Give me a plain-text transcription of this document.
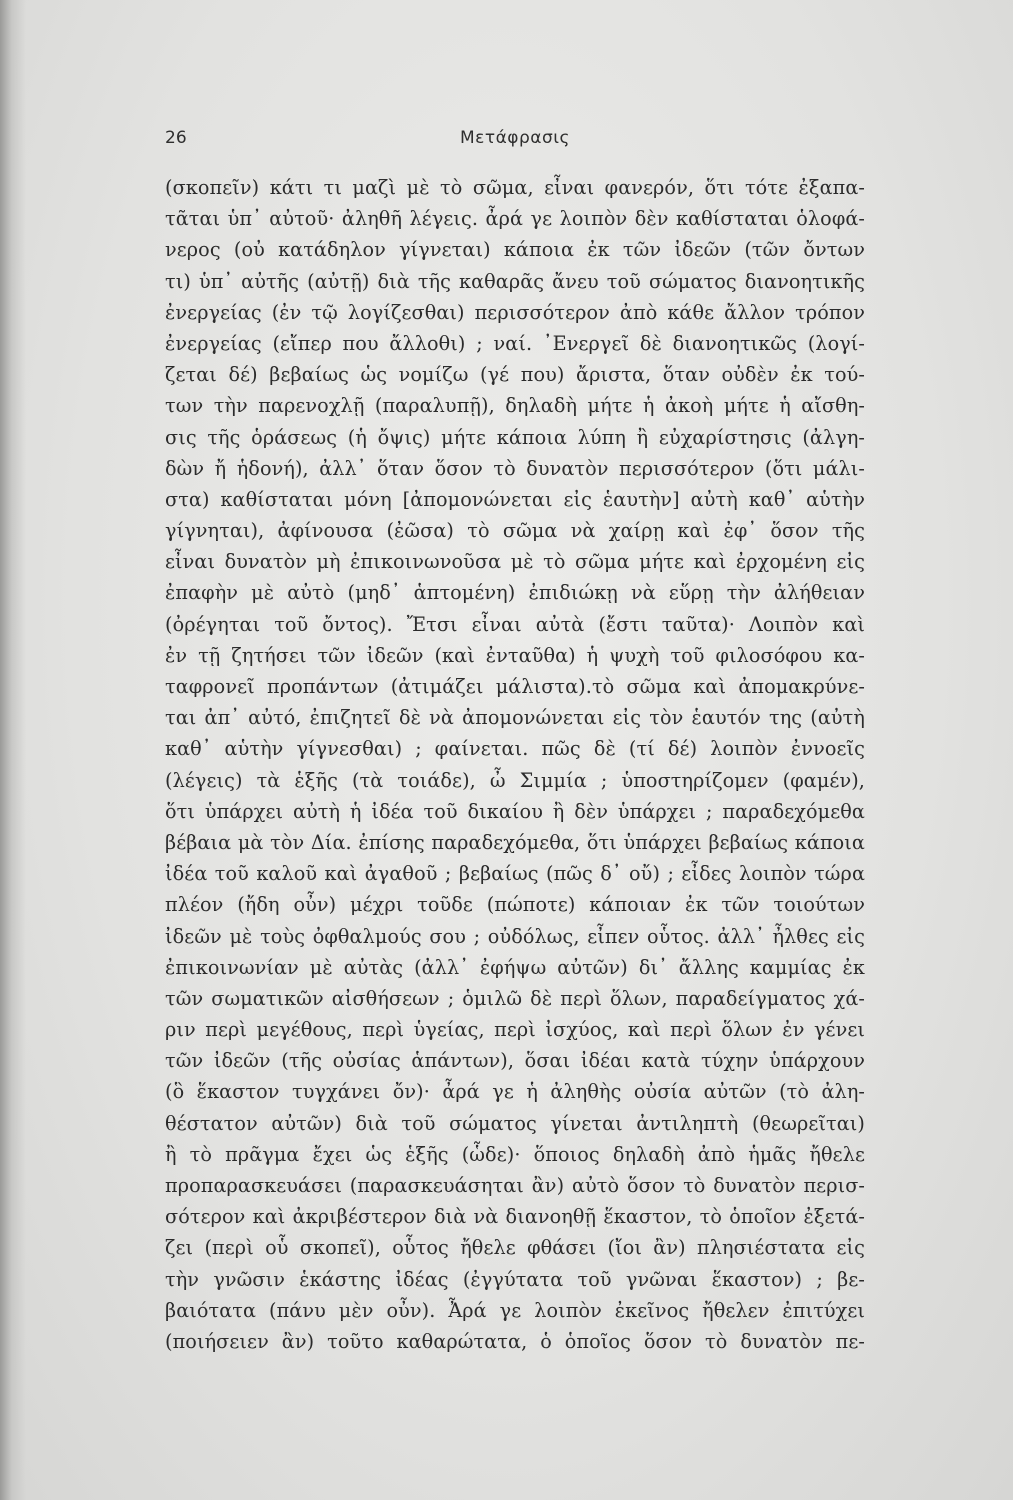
26	Μετάφρασις
(σκοπεῖν) κάτι τι μαζὶ μὲ τὸ σῶμα, εἶναι φανερόν, ὅτι τότε ἐξαπα-
τᾶται ὑπ᾽ αὐτοῦ· ἀληθῆ λέγεις. ἆρά γε λοιπὸν δὲν καθίσταται ὁλοφά-
νερος (οὐ κατάδηλον γίγνεται) κάποια ἐκ τῶν ἰδεῶν (τῶν ὄντων
τι) ὑπ᾽ αὐτῆς (αὐτῇ) διὰ τῆς καθαρᾶς ἄνευ τοῦ σώματος διανοητικῆς
ἐνεργείας (ἐν τῷ λογίζεσθαι) περισσότερον ἀπὸ κάθε ἄλλον τρόπον
ἐνεργείας (εἴπερ που ἄλλοθι) ; ναί. ᾿Ενεργεῖ δὲ διανοητικῶς (λογί-
ζεται δέ) βεβαίως ὡς νομίζω (γέ που) ἄριστα, ὅταν οὐδὲν ἐκ τού-
των τὴν παρενοχλῇ (παραλυπῇ), δηλαδὴ μήτε ἡ ἀκοὴ μήτε ἡ αἴσθη-
σις τῆς ὁράσεως (ἡ ὄψις) μήτε κάποια λύπη ἢ εὐχαρίστησις (ἀλγη-
δὼν ἤ ἡδονή), ἀλλ᾽ ὅταν ὅσον τὸ δυνατὸν περισσότερον (ὅτι μάλι-
στα) καθίσταται μόνη [ἀπομονώνεται εἰς ἑαυτὴν] αὐτὴ καθ᾽ αὑτὴν
γίγνηται), ἀφίνουσα (ἐῶσα) τὸ σῶμα νὰ χαίρῃ καὶ ἐφ᾽ ὅσον τῆς
εἶναι δυνατὸν μὴ ἐπικοινωνοῦσα μὲ τὸ σῶμα μήτε καὶ ἐρχομένη εἰς
ἐπαφὴν μὲ αὐτὸ (μηδ᾽ ἁπτομένη) ἐπιδιώκῃ νὰ εὕρῃ τὴν ἀλήθειαν
(ὀρέγηται τοῦ ὄντος). Ἔτσι εἶναι αὐτὰ (ἔστι ταῦτα)· Λοιπὸν καὶ
ἐν τῇ ζητήσει τῶν ἰδεῶν (καὶ ἐνταῦθα) ἡ ψυχὴ τοῦ φιλοσόφου κα-
ταφρονεῖ προπάντων (ἀτιμάζει μάλιστα).τὸ σῶμα καὶ ἀπομακρύνε-
ται ἀπ᾽ αὐτό, ἐπιζητεῖ δὲ νὰ ἀπομονώνεται εἰς τὸν ἑαυτόν της (αὐτὴ
καθ᾽ αὑτὴν γίγνεσθαι) ; φαίνεται. πῶς δὲ (τί δέ) λοιπὸν ἐννοεῖς
(λέγεις) τὰ ἑξῆς (τὰ τοιάδε), ὦ Σιμμία ; ὑποστηρίζομεν (φαμέν),
ὅτι ὑπάρχει αὐτὴ ἡ ἰδέα τοῦ δικαίου ἢ δὲν ὑπάρχει ; παραδεχόμεθα
βέβαια μὰ τὸν Δία. ἐπίσης παραδεχόμεθα, ὅτι ὑπάρχει βεβαίως κάποια
ἰδέα τοῦ καλοῦ καὶ ἀγαθοῦ ; βεβαίως (πῶς δ᾽ οὔ) ; εἶδες λοιπὸν τώρα
πλέον (ἤδη οὖν) μέχρι τοῦδε (πώποτε) κάποιαν ἐκ τῶν τοιούτων
ἰδεῶν μὲ τοὺς ὀφθαλμούς σου ; οὐδόλως, εἶπεν οὗτος. ἀλλ᾽ ἦλθες εἰς
ἐπικοινωνίαν μὲ αὐτὰς (ἀλλ᾽ ἐφήψω αὐτῶν) δι᾽ ἄλλης καμμίας ἐκ
τῶν σωματικῶν αἰσθήσεων ; ὁμιλῶ δὲ περὶ ὅλων, παραδείγματος χά-
ριν περὶ μεγέθους, περὶ ὑγείας, περὶ ἰσχύος, καὶ περὶ ὅλων ἐν γένει
τῶν ἰδεῶν (τῆς οὐσίας ἁπάντων), ὅσαι ἰδέαι κατὰ τύχην ὑπάρχουν
(ὃ ἕκαστον τυγχάνει ὄν)· ἆρά γε ἡ ἀληθὴς οὐσία αὐτῶν (τὸ ἀλη-
θέστατον αὐτῶν) διὰ τοῦ σώματος γίνεται ἀντιληπτὴ (θεωρεῖται)
ἢ τὸ πρᾶγμα ἔχει ὡς ἑξῆς (ὧδε)· ὅποιος δηλαδὴ ἀπὸ ἡμᾶς ἤθελε
προπαρασκευάσει (παρασκευάσηται ἂν) αὐτὸ ὅσον τὸ δυνατὸν περισ-
σότερον καὶ ἀκριβέστερον διὰ νὰ διανοηθῇ ἕκαστον, τὸ ὁποῖον ἐξετά-
ζει (περὶ οὗ σκοπεῖ), οὗτος ἤθελε φθάσει (ἴοι ἂν) πλησιέστατα εἰς
τὴν γνῶσιν ἑκάστης ἰδέας (ἐγγύτατα τοῦ γνῶναι ἕκαστον) ; βε-
βαιότατα (πάνυ μὲν οὖν). Ἆρά γε λοιπὸν ἐκεῖνος ἤθελεν ἐπιτύχει
(ποιήσειεν ἂν) τοῦτο καθαρώτατα, ὁ ὁποῖος ὅσον τὸ δυνατὸν πε-
